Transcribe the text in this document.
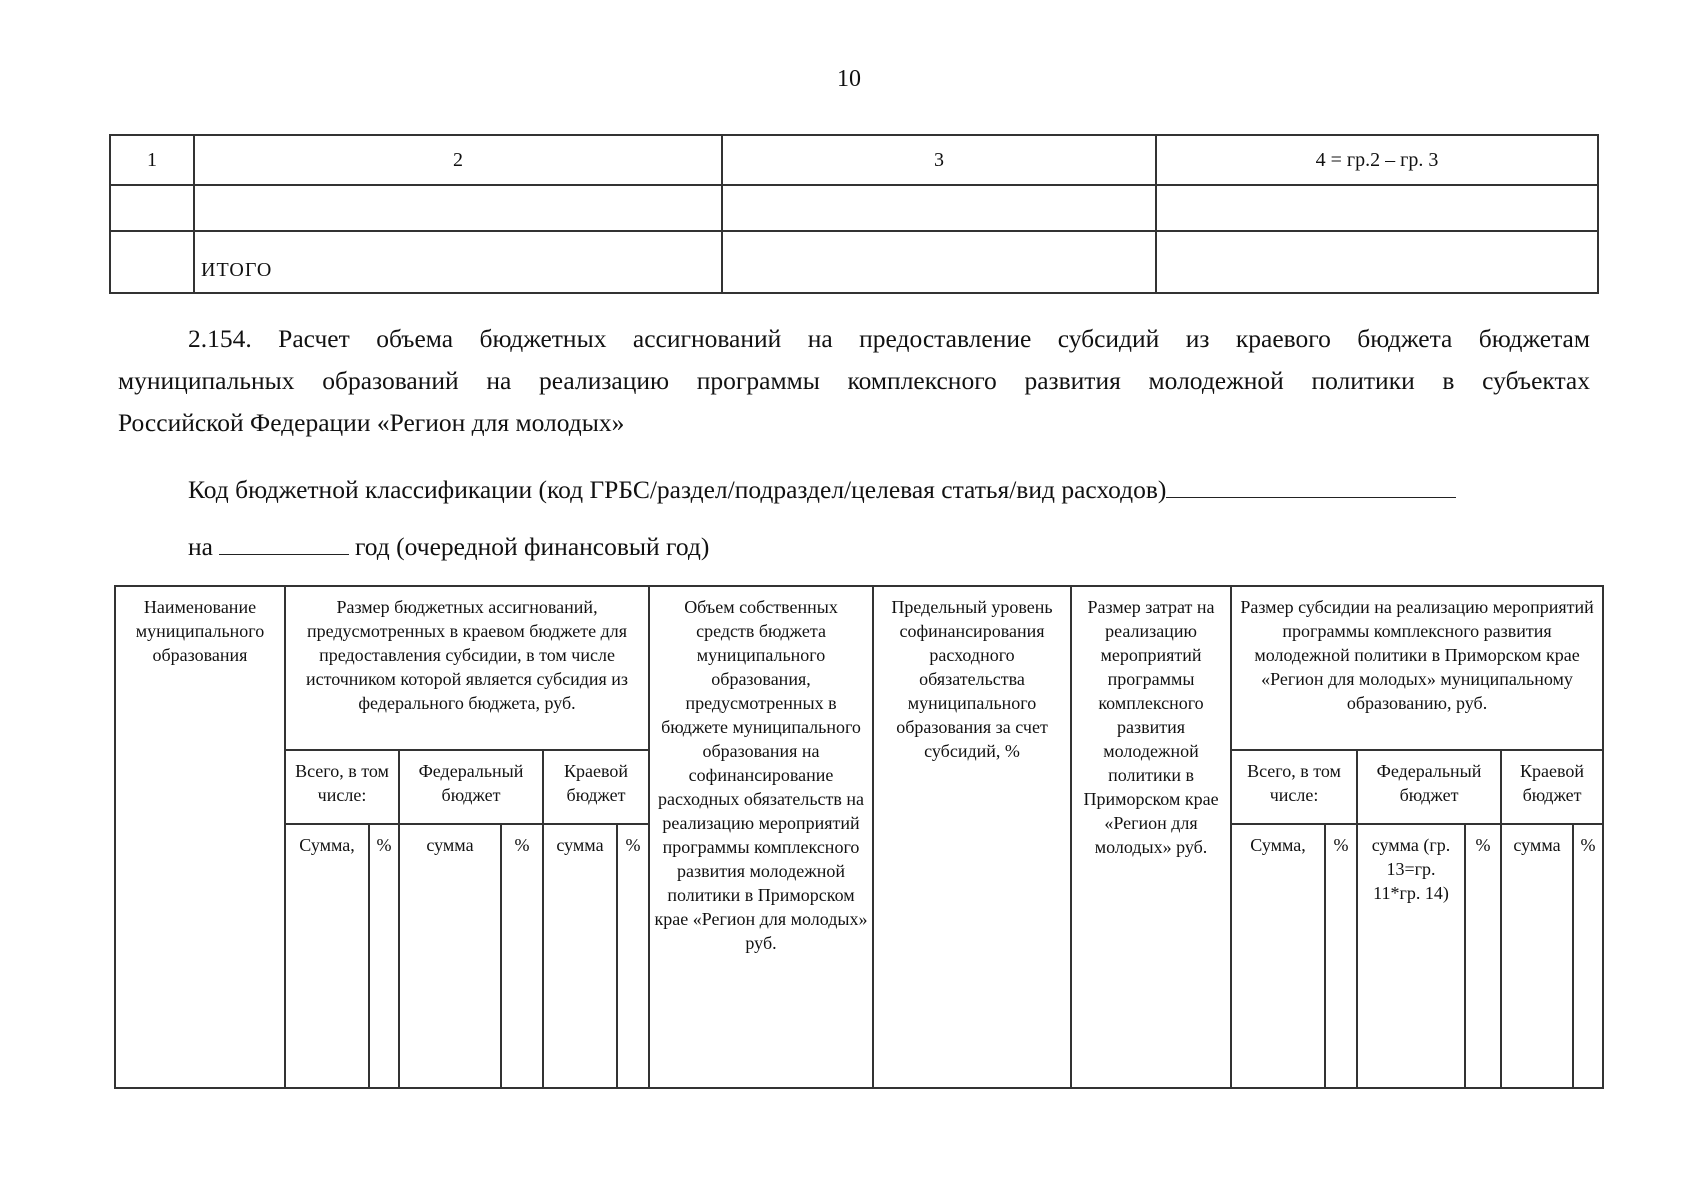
10
1	2	3	4 = гр.2 – гр. 3

	ИТОГО		
2.154. Расчет объема бюджетных ассигнований на предоставление субсидий из краевого бюджета бюджетам
муниципальных образований на реализацию программы комплексного развития молодежной политики в субъектах
Российской Федерации «Регион для молодых»
Код бюджетной классификации (код ГРБС/раздел/подраздел/целевая статья/вид расходов)
на	год (очередной финансовый год)
Наименование муниципального образования	Размер бюджетных ассигнований, предусмотренных в краевом бюджете для предоставления субсидии, в том числе источником которой является субсидия из федерального бюджета, руб.						Объем собственных средств бюджета муниципального образования, предусмотренных в бюджете муниципального образования на софинансирование расходных обязательств на реализацию мероприятий программы комплексного развития молодежной политики в Приморском крае «Регион для молодых» руб.	Предельный уровень софинансирования расходного обязательства муниципального образования за счет субсидий, %	Размер затрат на реализацию мероприятий программы комплексного развития молодежной политики в Приморском крае «Регион для молодых» руб.	Размер субсидии на реализацию мероприятий программы комплексного развития молодежной политики в Приморском крае «Регион для молодых» муниципальному образованию, руб.					
	Всего, в том числе:		Федеральный бюджет		Краевой бюджет					Всего, в том числе:		Федеральный бюджет		Краевой бюджет	
	Сумма,	%	сумма	%	сумма	%				Сумма,	%	сумма (гр. 13=гр. 11*гр. 14)	%	сумма	%
